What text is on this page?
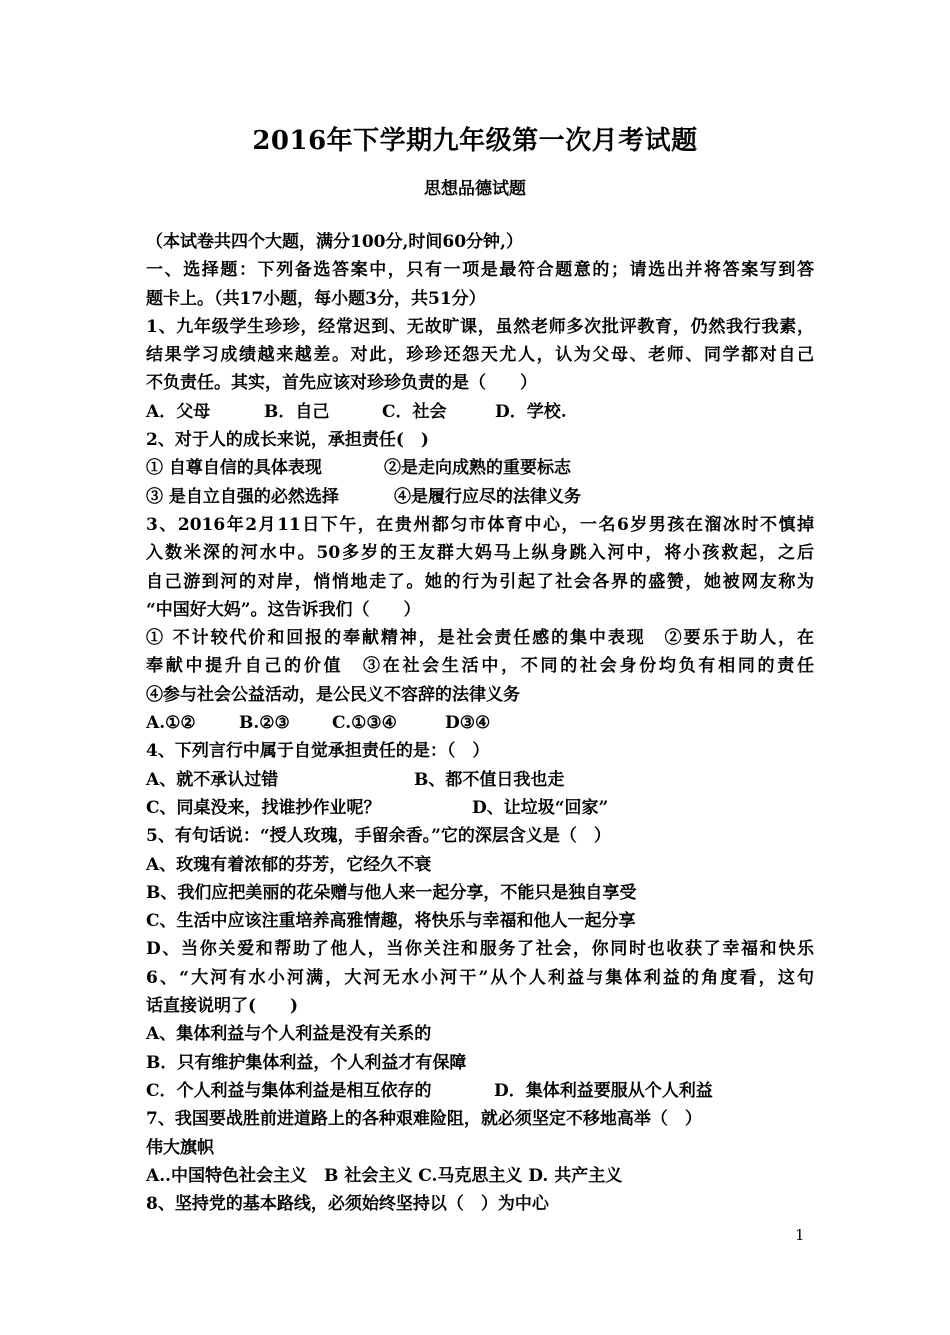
2016年下学期九年级第一次月考试题
思想品德试题
（本试卷共四个大题，满分100分,时间60分钟,）
一、选择题：下列备选答案中，只有一项是最符合题意的；请选出并将答案写到答
题卡上。（共17小题，每小题3分，共51分）
1、九年级学生珍珍，经常迟到、无故旷课，虽然老师多次批评教育，仍然我行我素，
结果学习成绩越来越差。对此，珍珍还怨天尤人，认为父母、老师、同学都对自己
不负责任。其实，首先应该对珍珍负责的是（　　）
A．父母	B．自己	C．社会	D．学校.
2、对于人的成长来说，承担责任(　)
① 自尊自信的具体表现	②是走向成熟的重要标志
③ 是自立自强的必然选择	④是履行应尽的法律义务
3、2016年2月11日下午，在贵州都匀市体育中心，一名6岁男孩在溜冰时不慎掉
入数米深的河水中。50多岁的王友群大妈马上纵身跳入河中，将小孩救起，之后
自己游到河的对岸，悄悄地走了。她的行为引起了社会各界的盛赞，她被网友称为
“中国好大妈”。这告诉我们（　　）
① 不计较代价和回报的奉献精神，是社会责任感的集中表现　②要乐于助人，在
奉献中提升自己的价值　③在社会生活中，不同的社会身份均负有相同的责任
④参与社会公益活动，是公民义不容辞的法律义务
A.①②	B.②③ C.①③④	D③④
4、下列言行中属于自觉承担责任的是：（　）
A、就不承认过错	B、都不值日我也走
C、同桌没来，找谁抄作业呢？	D、让垃圾“回家”
5、有句话说：“授人玫瑰，手留余香。”它的深层含义是（　）
A、玫瑰有着浓郁的芬芳，它经久不衰
B、我们应把美丽的花朵赠与他人来一起分享，不能只是独自享受
C、生活中应该注重培养高雅情趣，将快乐与幸福和他人一起分享
D、当你关爱和帮助了他人，当你关注和服务了社会，你同时也收获了幸福和快乐
6、“大河有水小河满，大河无水小河干”从个人利益与集体利益的角度看，这句
话直接说明了(　　)
A、集体利益与个人利益是没有关系的
B．只有维护集体利益，个人利益才有保障
C．个人利益与集体利益是相互依存的	D．集体利益要服从个人利益
7、我国要战胜前进道路上的各种艰难险阻，就必须坚定不移地高举（　）
伟大旗帜
A..中国特色社会主义　B 社会主义 C.马克思主义 D. 共产主义
8、坚持党的基本路线，必须始终坚持以（　）为中心
1
